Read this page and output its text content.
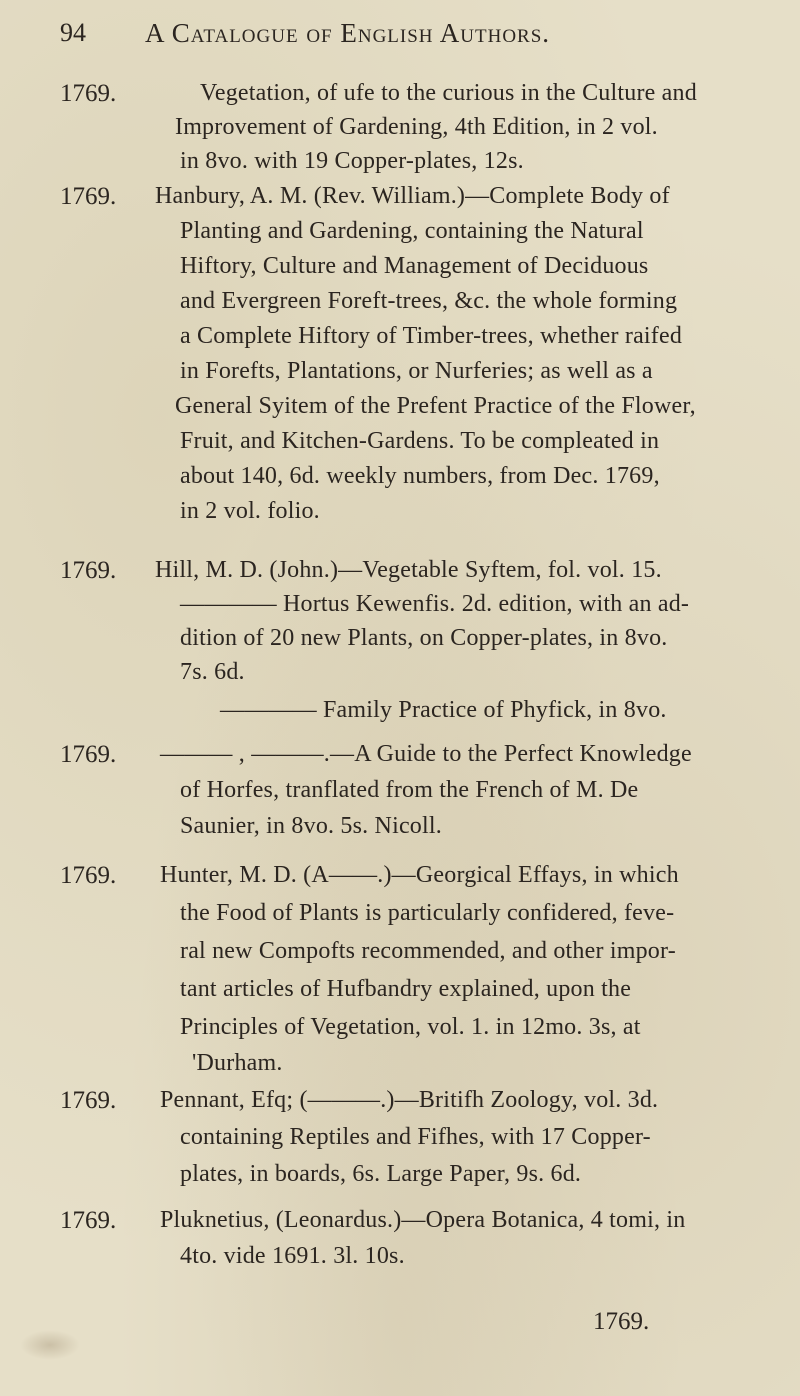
94 A Catalogue of English Authors.
1769.	Vegetation, of ufe to the curious in the Culture and
Improvement of Gardening, 4th Edition, in 2 vol.
in 8vo. with 19 Copper-plates, 12s.
1769. Hanbury, A. M. (Rev. William.)—Complete Body of
Planting and Gardening, containing the Natural
Hiftory, Culture and Management of Deciduous
and Evergreen Foreft-trees, &c. the whole forming
a Complete Hiftory of Timber-trees, whether raifed
in Forefts, Plantations, or Nurferies; as well as a
General Syitem of the Prefent Practice of the Flower,
Fruit, and Kitchen-Gardens. To be compleated in
about 140, 6d. weekly numbers, from Dec. 1769,
in 2 vol. folio.
1769. Hill, M. D. (John.)—Vegetable Syftem, fol. vol. 15.
———— Hortus Kewenfis. 2d. edition, with an ad-
dition of 20 new Plants, on Copper-plates, in 8vo.
7s. 6d.
———— Family Practice of Phyfick, in 8vo.
1769. ——— , ———.—A Guide to the Perfect Knowledge
of Horfes, tranflated from the French of M. De
Saunier, in 8vo. 5s. Nicoll.
1769. Hunter, M. D. (A——.)—Georgical Effays, in which
the Food of Plants is particularly confidered, feve-
ral new Compofts recommended, and other impor-
tant articles of Hufbandry explained, upon the
Principles of Vegetation, vol. 1. in 12mo. 3s, at
'Durham.
1769. Pennant, Efq; (———.)—Britifh Zoology, vol. 3d.
containing Reptiles and Fifhes, with 17 Copper-
plates, in boards, 6s. Large Paper, 9s. 6d.
1769. Pluknetius, (Leonardus.)—Opera Botanica, 4 tomi, in
4to. vide 1691. 3l. 10s.
1769.
